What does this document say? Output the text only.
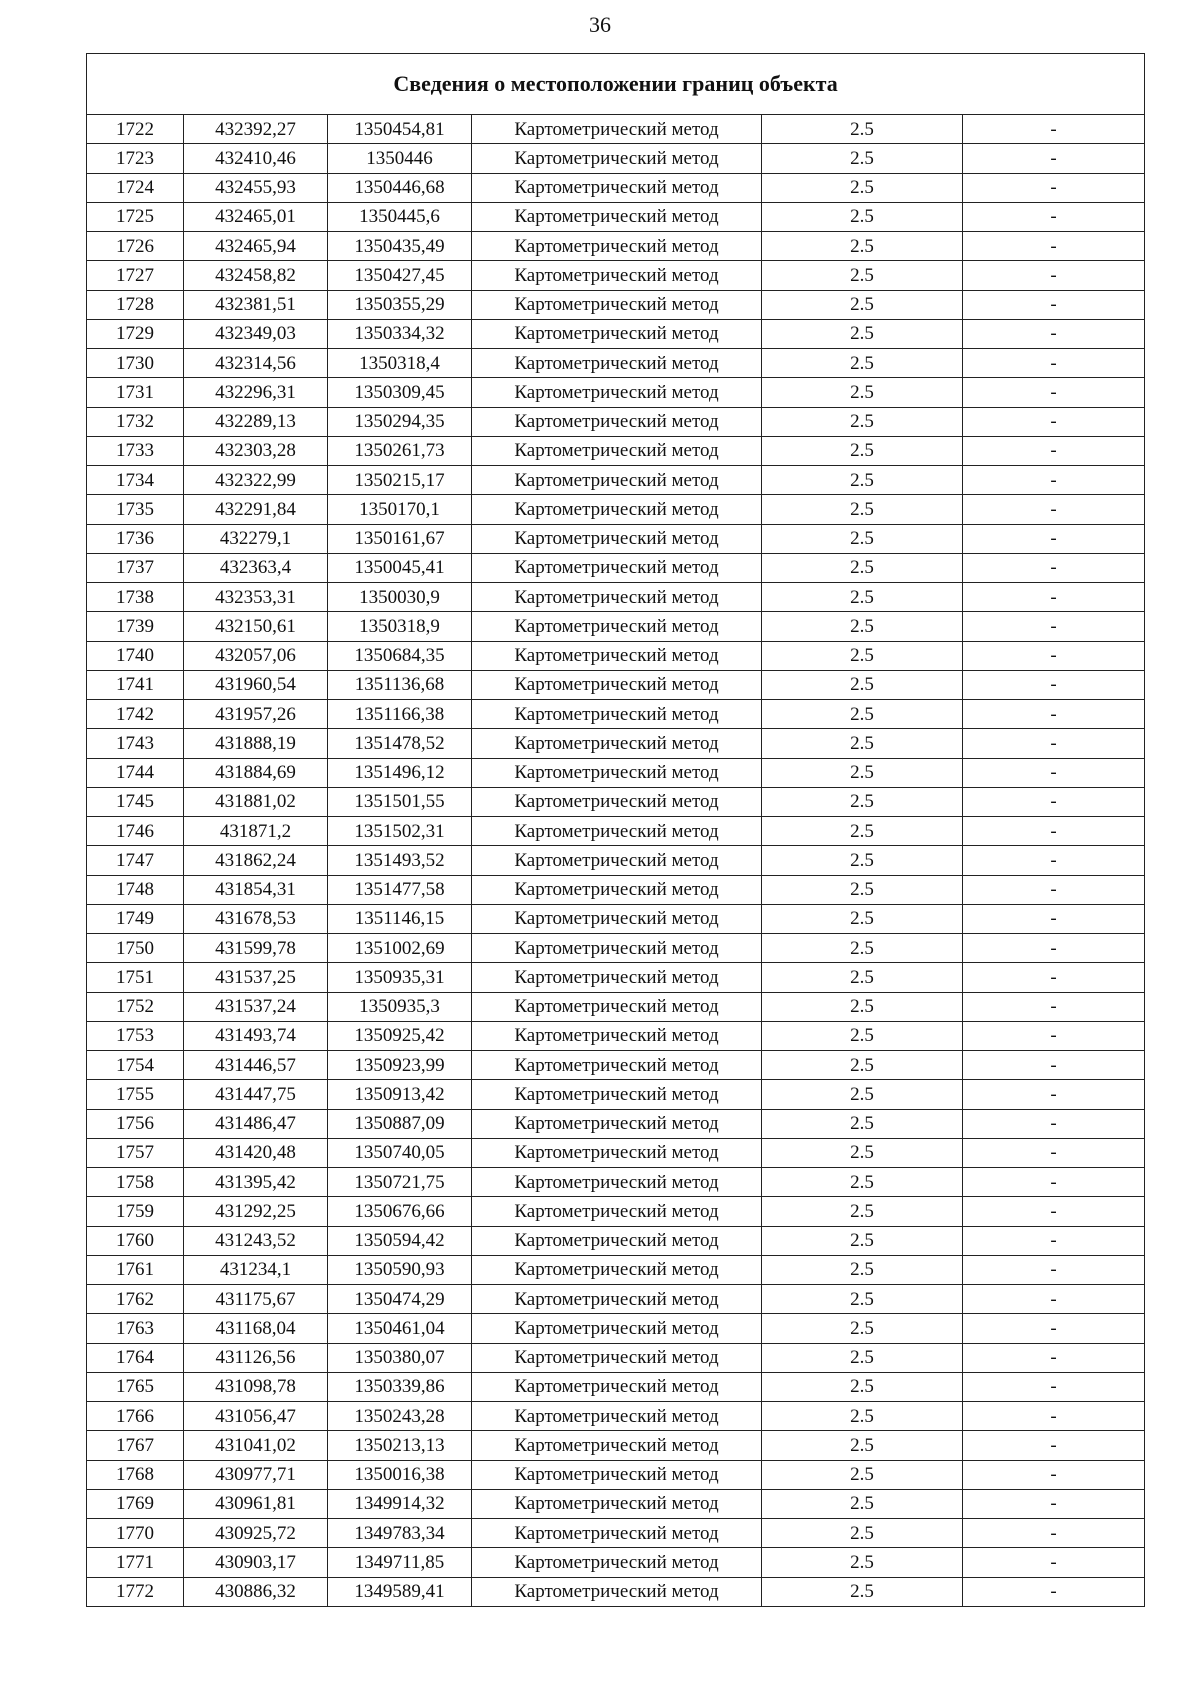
36
Сведения о местоположении границ объекта					
1722	432392,27	1350454,81	Картометрический метод	2.5	-
1723	432410,46	1350446	Картометрический метод	2.5	-
1724	432455,93	1350446,68	Картометрический метод	2.5	-
1725	432465,01	1350445,6	Картометрический метод	2.5	-
1726	432465,94	1350435,49	Картометрический метод	2.5	-
1727	432458,82	1350427,45	Картометрический метод	2.5	-
1728	432381,51	1350355,29	Картометрический метод	2.5	-
1729	432349,03	1350334,32	Картометрический метод	2.5	-
1730	432314,56	1350318,4	Картометрический метод	2.5	-
1731	432296,31	1350309,45	Картометрический метод	2.5	-
1732	432289,13	1350294,35	Картометрический метод	2.5	-
1733	432303,28	1350261,73	Картометрический метод	2.5	-
1734	432322,99	1350215,17	Картометрический метод	2.5	-
1735	432291,84	1350170,1	Картометрический метод	2.5	-
1736	432279,1	1350161,67	Картометрический метод	2.5	-
1737	432363,4	1350045,41	Картометрический метод	2.5	-
1738	432353,31	1350030,9	Картометрический метод	2.5	-
1739	432150,61	1350318,9	Картометрический метод	2.5	-
1740	432057,06	1350684,35	Картометрический метод	2.5	-
1741	431960,54	1351136,68	Картометрический метод	2.5	-
1742	431957,26	1351166,38	Картометрический метод	2.5	-
1743	431888,19	1351478,52	Картометрический метод	2.5	-
1744	431884,69	1351496,12	Картометрический метод	2.5	-
1745	431881,02	1351501,55	Картометрический метод	2.5	-
1746	431871,2	1351502,31	Картометрический метод	2.5	-
1747	431862,24	1351493,52	Картометрический метод	2.5	-
1748	431854,31	1351477,58	Картометрический метод	2.5	-
1749	431678,53	1351146,15	Картометрический метод	2.5	-
1750	431599,78	1351002,69	Картометрический метод	2.5	-
1751	431537,25	1350935,31	Картометрический метод	2.5	-
1752	431537,24	1350935,3	Картометрический метод	2.5	-
1753	431493,74	1350925,42	Картометрический метод	2.5	-
1754	431446,57	1350923,99	Картометрический метод	2.5	-
1755	431447,75	1350913,42	Картометрический метод	2.5	-
1756	431486,47	1350887,09	Картометрический метод	2.5	-
1757	431420,48	1350740,05	Картометрический метод	2.5	-
1758	431395,42	1350721,75	Картометрический метод	2.5	-
1759	431292,25	1350676,66	Картометрический метод	2.5	-
1760	431243,52	1350594,42	Картометрический метод	2.5	-
1761	431234,1	1350590,93	Картометрический метод	2.5	-
1762	431175,67	1350474,29	Картометрический метод	2.5	-
1763	431168,04	1350461,04	Картометрический метод	2.5	-
1764	431126,56	1350380,07	Картометрический метод	2.5	-
1765	431098,78	1350339,86	Картометрический метод	2.5	-
1766	431056,47	1350243,28	Картометрический метод	2.5	-
1767	431041,02	1350213,13	Картометрический метод	2.5	-
1768	430977,71	1350016,38	Картометрический метод	2.5	-
1769	430961,81	1349914,32	Картометрический метод	2.5	-
1770	430925,72	1349783,34	Картометрический метод	2.5	-
1771	430903,17	1349711,85	Картометрический метод	2.5	-
1772	430886,32	1349589,41	Картометрический метод	2.5	-
